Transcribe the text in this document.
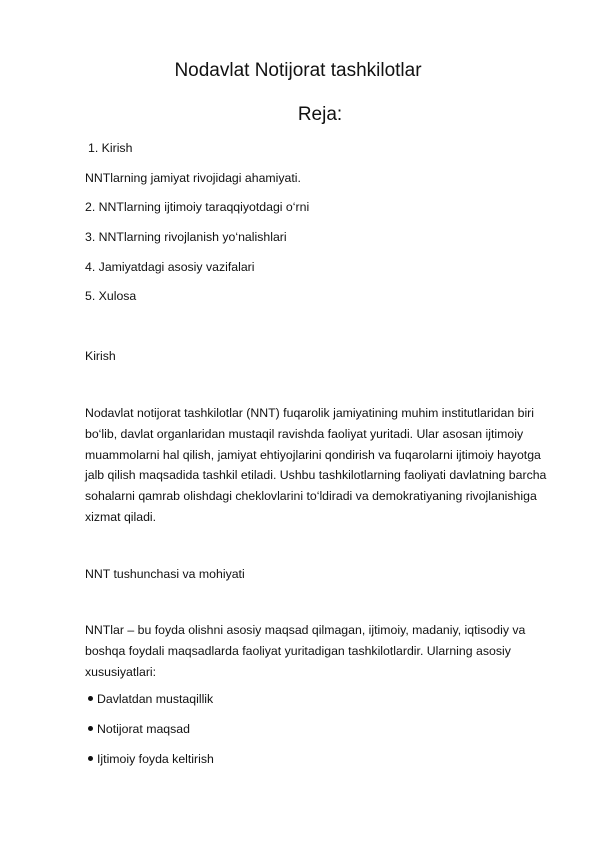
Nodavlat Notijorat tashkilotlar
Reja:
1. Kirish
NNTlarning jamiyat rivojidagi ahamiyati.
2. NNTlarning ijtimoiy taraqqiyotdagi o‘rni
3. NNTlarning rivojlanish yo‘nalishlari
4. Jamiyatdagi asosiy vazifalari
5. Xulosa
Kirish
Nodavlat notijorat tashkilotlar (NNT) fuqarolik jamiyatining muhim institutlaridan biri bo‘lib, davlat organlaridan mustaqil ravishda faoliyat yuritadi. Ular asosan ijtimoiy muammolarni hal qilish, jamiyat ehtiyojlarini qondirish va fuqarolarni ijtimoiy hayotga jalb qilish maqsadida tashkil etiladi. Ushbu tashkilotlarning faoliyati davlatning barcha sohalarni qamrab olishdagi cheklovlarini to‘ldiradi va demokratiyaning rivojlanishiga xizmat qiladi.
NNT tushunchasi va mohiyati
NNTlar – bu foyda olishni asosiy maqsad qilmagan, ijtimoiy, madaniy, iqtisodiy va boshqa foydali maqsadlarda faoliyat yuritadigan tashkilotlardir. Ularning asosiy xususiyatlari:
Davlatdan mustaqillik
Notijorat maqsad
Ijtimoiy foyda keltirish
